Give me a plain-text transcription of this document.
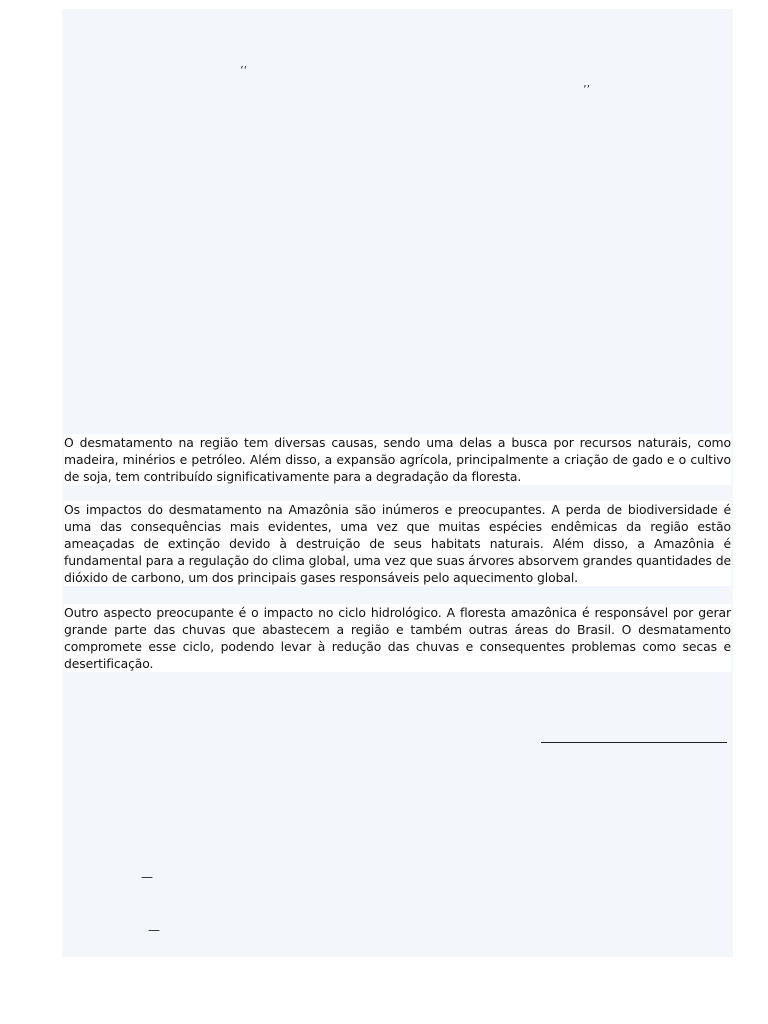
‘‘
’’

O desmatamento na região tem diversas causas, sendo uma delas a busca por recursos naturais, como madeira, minérios e petróleo. Além disso, a expansão agrícola, principalmente a criação de gado e o cultivo de soja, tem contribuído significativamente para a degradação da floresta.

Os impactos do desmatamento na Amazônia são inúmeros e preocupantes. A perda de biodiversidade é uma das consequências mais evidentes, uma vez que muitas espécies endêmicas da região estão ameaçadas de extinção devido à destruição de seus habitats naturais. Além disso, a Amazônia é fundamental para a regulação do clima global, uma vez que suas árvores absorvem grandes quantidades de dióxido de carbono, um dos principais gases responsáveis pelo aquecimento global.

Outro aspecto preocupante é o impacto no ciclo hidrológico. A floresta amazônica é responsável por gerar grande parte das chuvas que abastecem a região e também outras áreas do Brasil. O desmatamento compromete esse ciclo, podendo levar à redução das chuvas e consequentes problemas como secas e desertificação.

—
—
